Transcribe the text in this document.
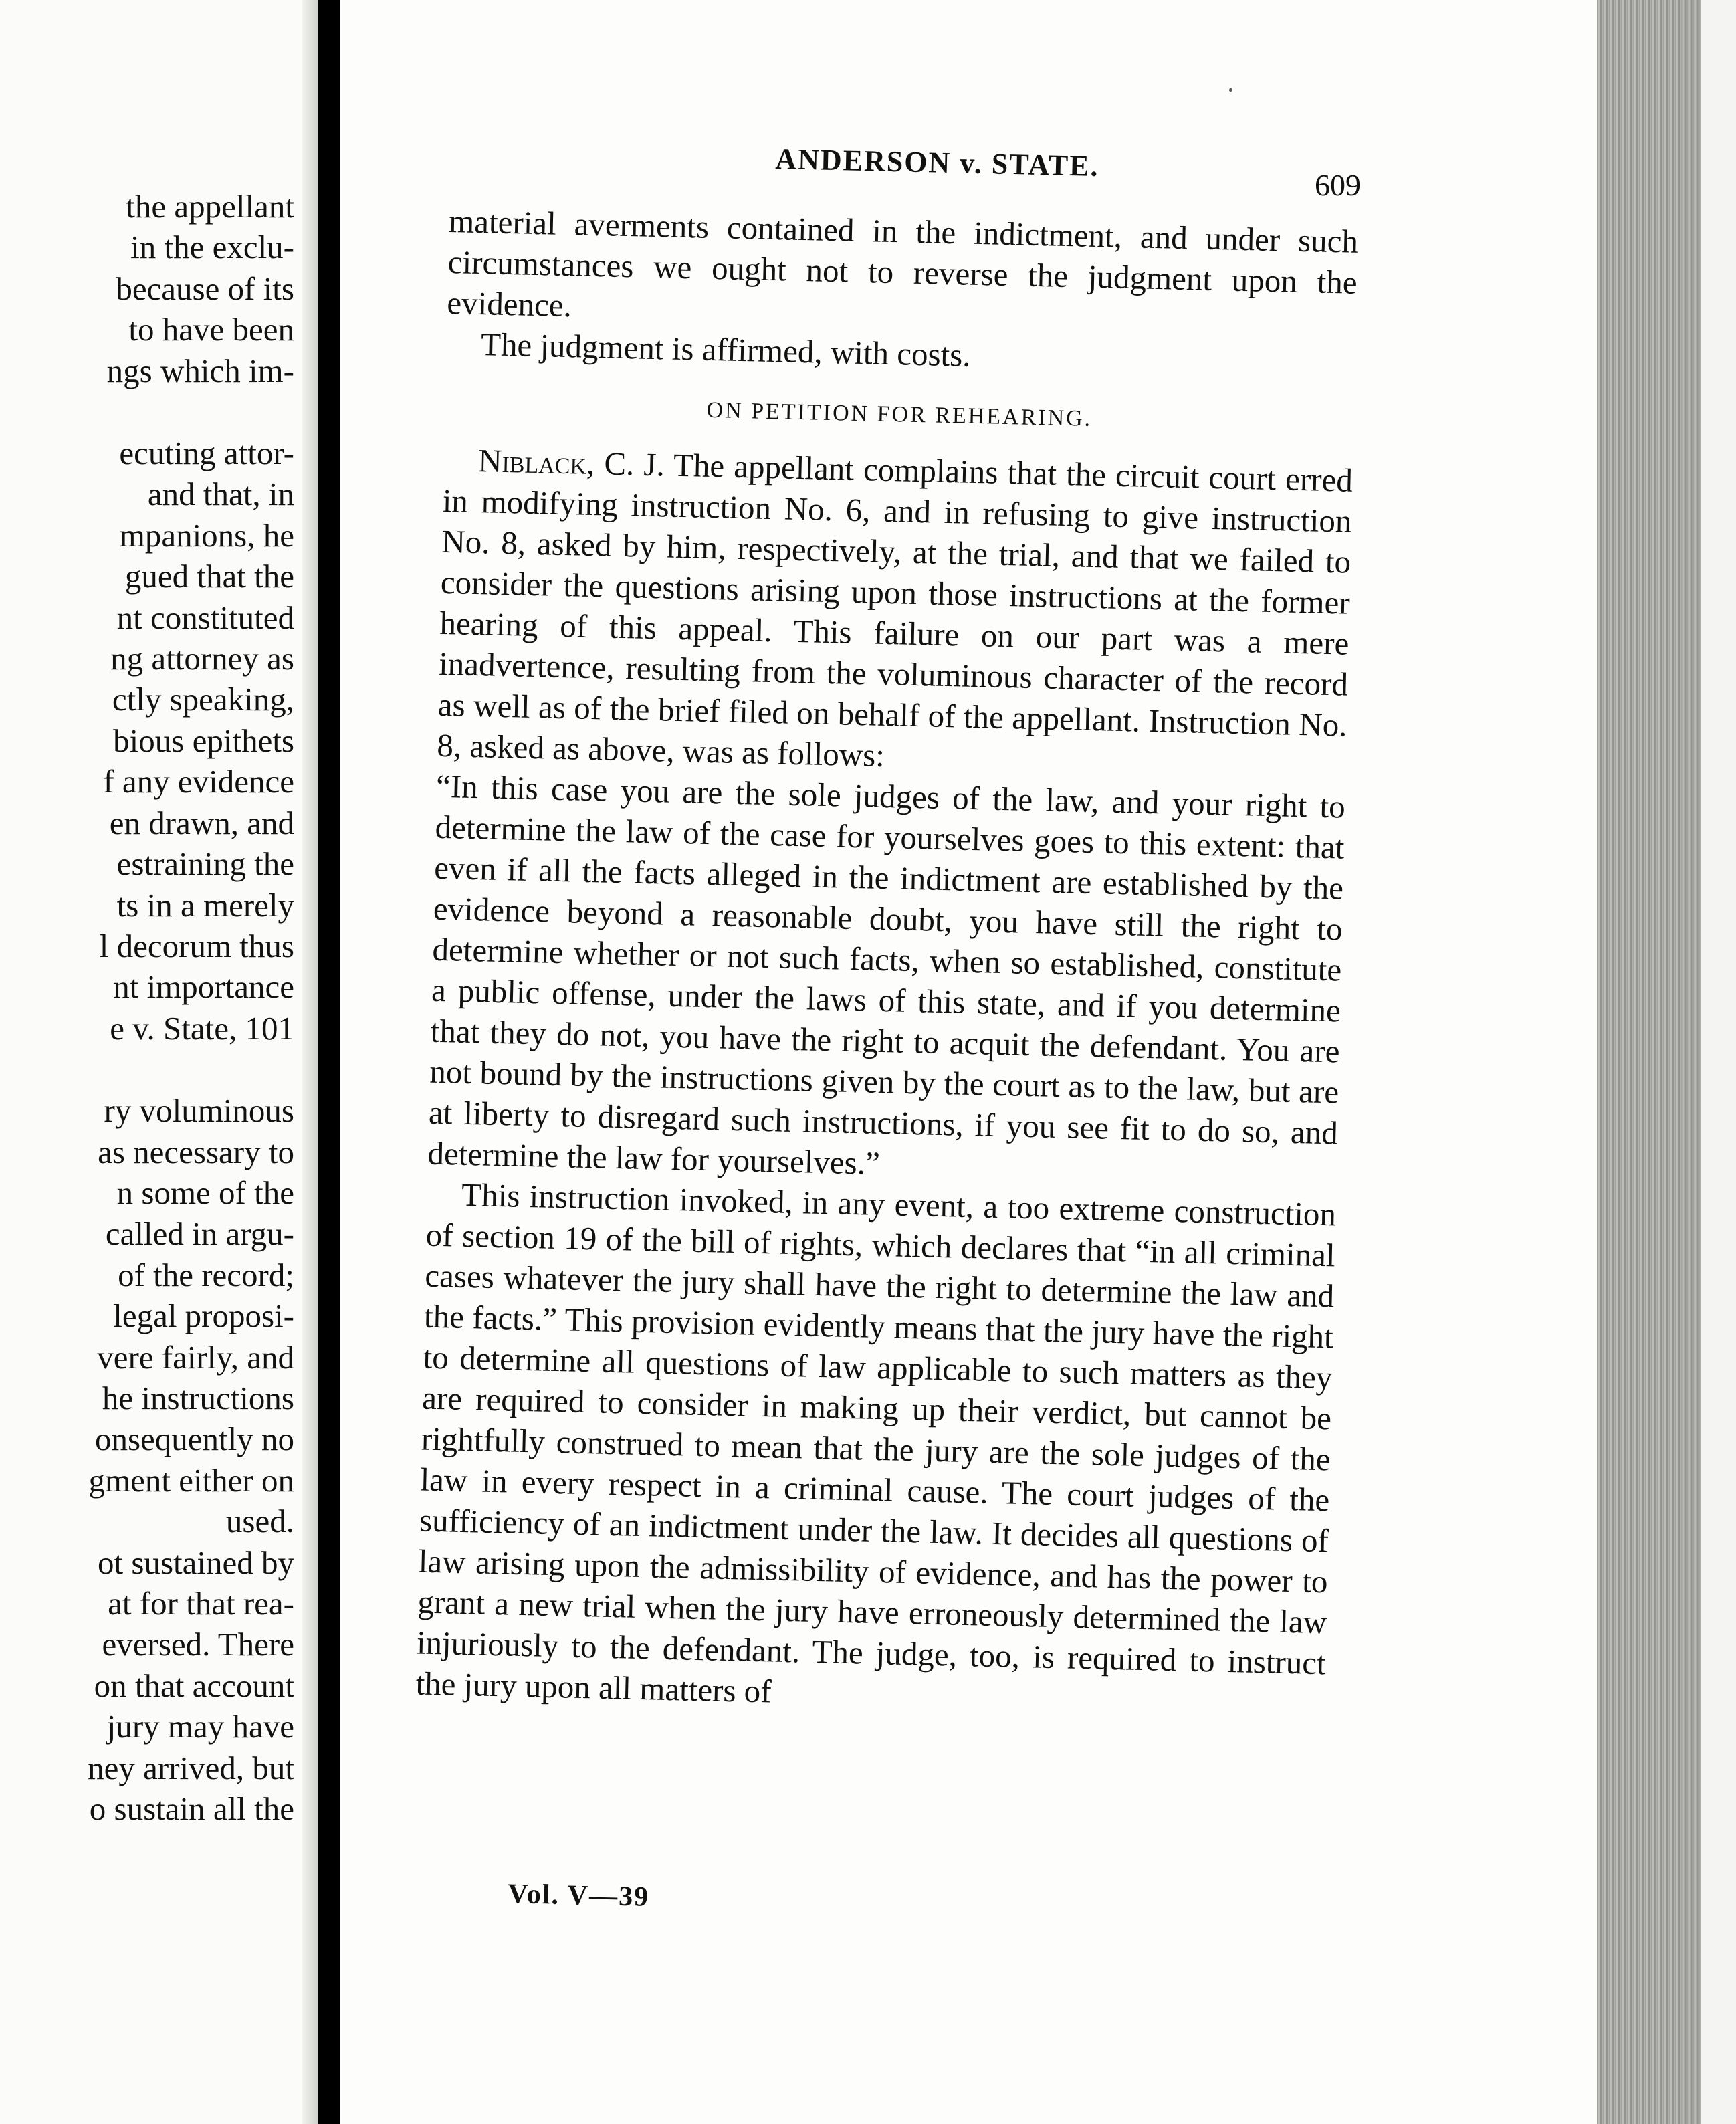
the appellant
in the exclu-
because of its
to have been
ngs which im-
ecuting attor-
and that, in
mpanions, he
gued that the
nt constituted
ng attorney as
ctly speaking,
bious epithets
f any evidence
en drawn, and
estraining the
ts in a merely
l decorum thus
nt importance
e v. State, 101
ry voluminous
as necessary to
n some of the
called in argu-
of the record;
legal proposi-
vere fairly, and
he instructions
onsequently no
gment either on
used.
ot sustained by
at for that rea-
eversed. There
on that account
jury may have
ney arrived, but
o sustain all the
ANDERSON v. STATE.
609

material averments contained in the indictment, and under such circumstances we ought not to reverse the judgment upon the evidence.

The judgment is affirmed, with costs.

ON PETITION FOR REHEARING.

Niblack, C. J. The appellant complains that the circuit court erred in modifying instruction No. 6, and in refusing to give instruction No. 8, asked by him, respectively, at the trial, and that we failed to consider the questions arising upon those instructions at the former hearing of this appeal. This failure on our part was a mere inadvertence, resulting from the voluminous character of the record as well as of the brief filed on behalf of the appellant. Instruction No. 8, asked as above, was as follows:

“In this case you are the sole judges of the law, and your right to determine the law of the case for yourselves goes to this extent: that even if all the facts alleged in the indictment are established by the evidence beyond a reasonable doubt, you have still the right to determine whether or not such facts, when so established, constitute a public offense, under the laws of this state, and if you determine that they do not, you have the right to acquit the defendant. You are not bound by the instructions given by the court as to the law, but are at liberty to disregard such instructions, if you see fit to do so, and determine the law for yourselves.”

This instruction invoked, in any event, a too extreme construction of section 19 of the bill of rights, which declares that “in all criminal cases whatever the jury shall have the right to determine the law and the facts.” This provision evidently means that the jury have the right to determine all questions of law applicable to such matters as they are required to consider in making up their verdict, but cannot be rightfully construed to mean that the jury are the sole judges of the law in every respect in a criminal cause. The court judges of the sufficiency of an indictment under the law. It decides all questions of law arising upon the admissibility of evidence, and has the power to grant a new trial when the jury have erroneously determined the law injuriously to the defendant. The judge, too, is required to instruct the jury upon all matters of

Vol. V—39
